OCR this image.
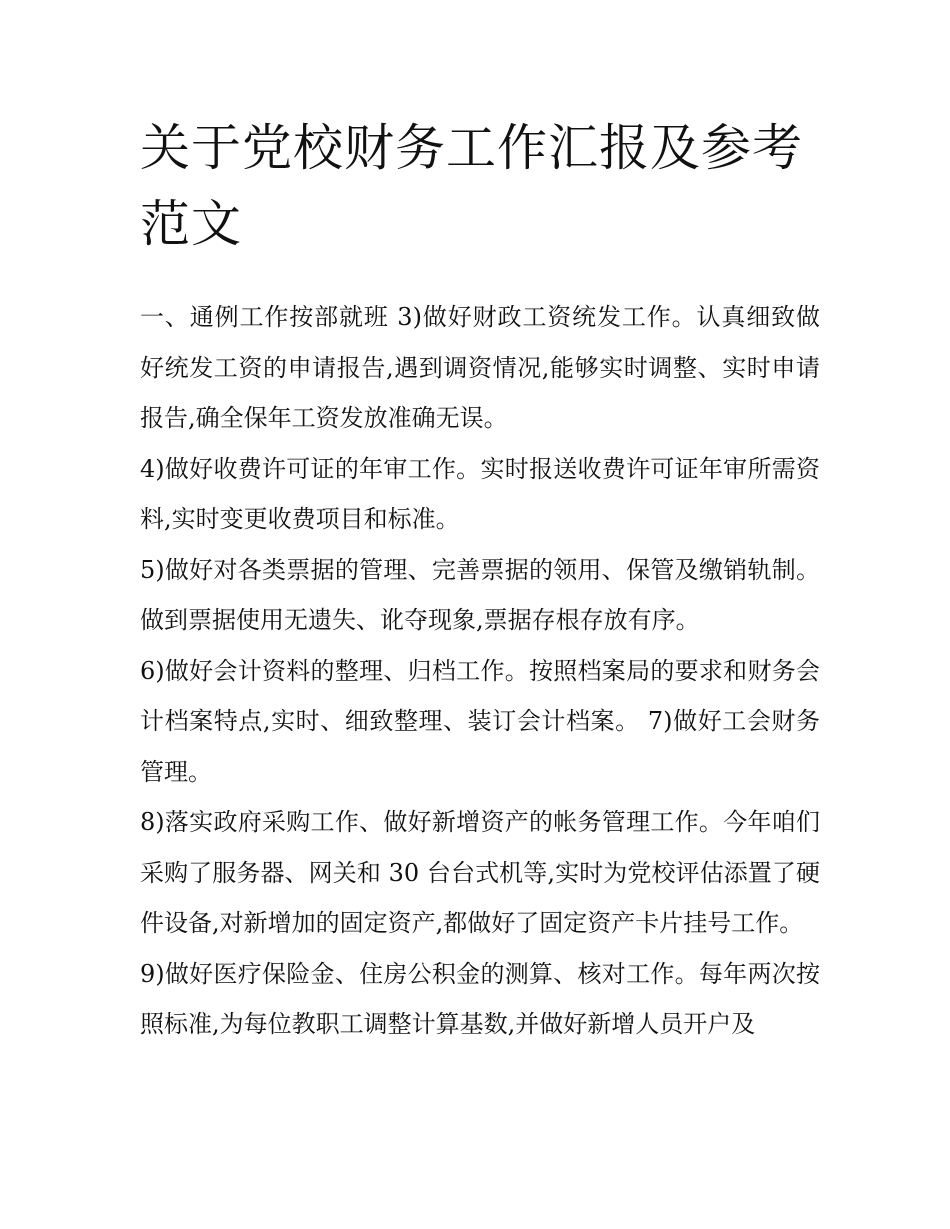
关于党校财务工作汇报及参考范文

一、通例工作按部就班 3)做好财政工资统发工作。认真细致做好统发工资的申请报告,遇到调资情况,能够实时调整、实时申请报告,确全保年工资发放准确无误。

4)做好收费许可证的年审工作。实时报送收费许可证年审所需资料,实时变更收费项目和标准。

5)做好对各类票据的管理、完善票据的领用、保管及缴销轨制。做到票据使用无遗失、讹夺现象,票据存根存放有序。

6)做好会计资料的整理、归档工作。按照档案局的要求和财务会计档案特点,实时、细致整理、装订会计档案。 7)做好工会财务管理。

8)落实政府采购工作、做好新增资产的帐务管理工作。今年咱们采购了服务器、网关和 30 台台式机等,实时为党校评估添置了硬件设备,对新增加的固定资产,都做好了固定资产卡片挂号工作。

9)做好医疗保险金、住房公积金的测算、核对工作。每年两次按照标准,为每位教职工调整计算基数,并做好新增人员开户及
